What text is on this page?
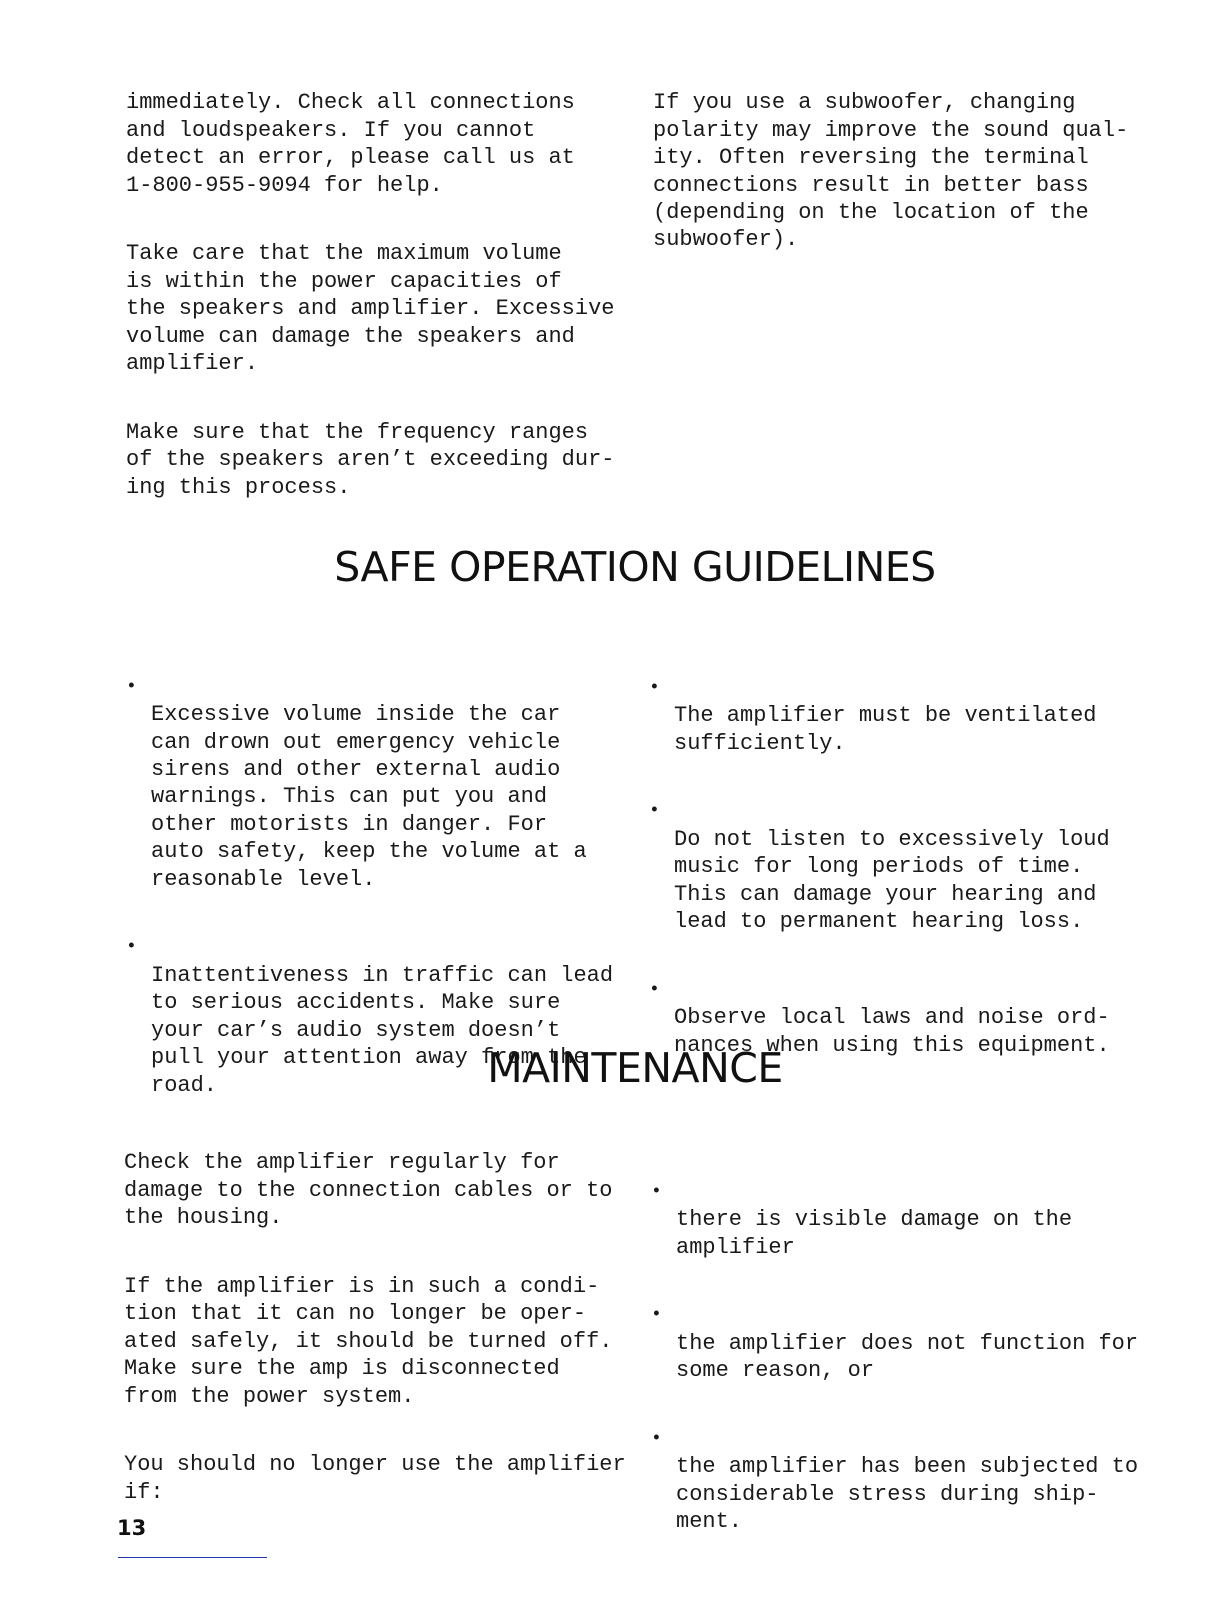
immediately. Check all connections
and loudspeakers. If you cannot
detect an error, please call us at
1-800-955-9094 for help.

Take care that the maximum volume
is within the power capacities of
the speakers and amplifier. Excessive
volume can damage the speakers and
amplifier.

Make sure that the frequency ranges
of the speakers aren’t exceeding dur-
ing this process.

If you use a subwoofer, changing
polarity may improve the sound qual-
ity. Often reversing the terminal
connections result in better bass
(depending on the location of the
subwoofer).

SAFE OPERATION GUIDELINES

•
Excessive volume inside the car
can drown out emergency vehicle
sirens and other external audio
warnings. This can put you and
other motorists in danger. For
auto safety, keep the volume at a
reasonable level.

•
Inattentiveness in traffic can lead
to serious accidents. Make sure
your car’s audio system doesn’t
pull your attention away from the
road.

•
The amplifier must be ventilated
sufficiently.

•
Do not listen to excessively loud
music for long periods of time.
This can damage your hearing and
lead to permanent hearing loss.

•
Observe local laws and noise ord-
nances when using this equipment.

MAINTENANCE

Check the amplifier regularly for
damage to the connection cables or to
the housing.

If the amplifier is in such a condi-
tion that it can no longer be oper-
ated safely, it should be turned off.
Make sure the amp is disconnected
from the power system.

You should no longer use the amplifier
if:

•
there is visible damage on the
amplifier

•
the amplifier does not function for
some reason, or

•
the amplifier has been subjected to
considerable stress during ship-
ment.

13
